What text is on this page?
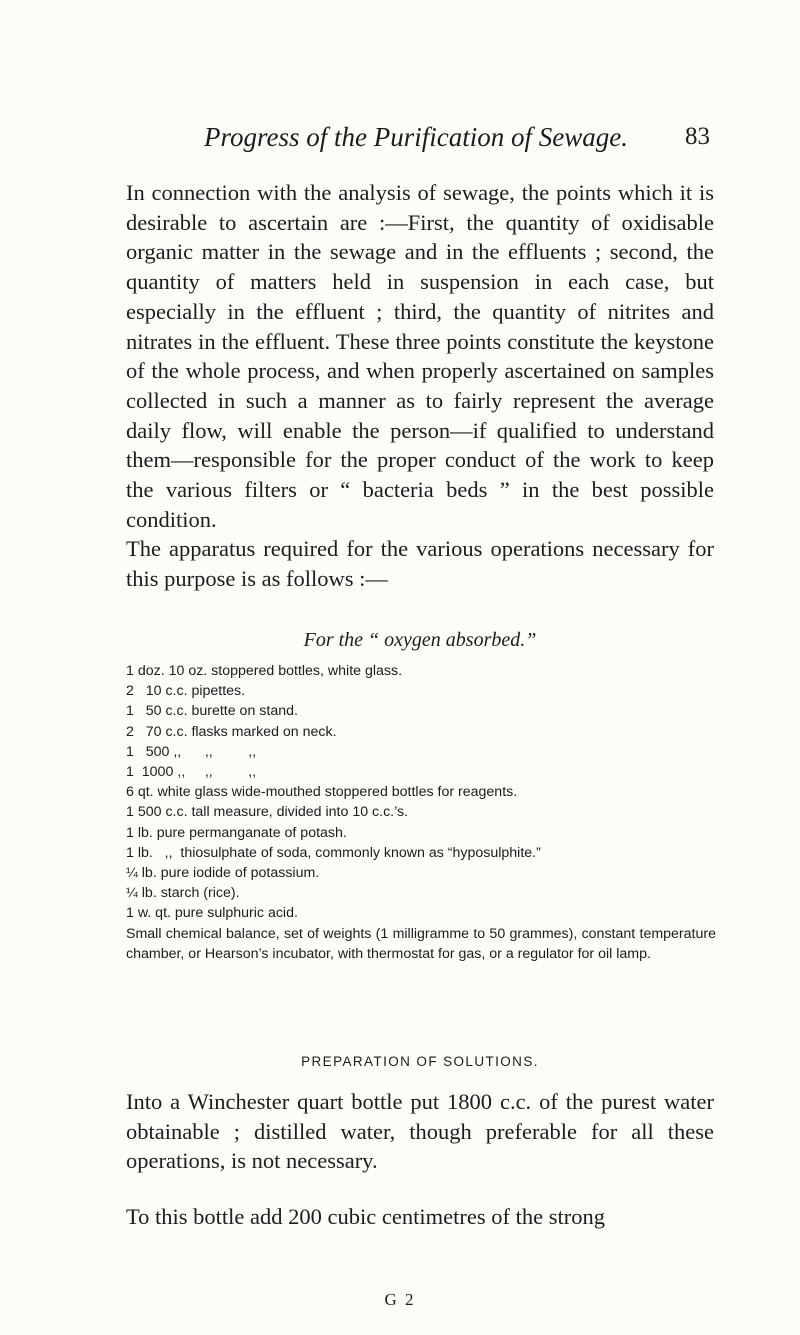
Progress of the Purification of Sewage. 83

In connection with the analysis of sewage, the points which it is desirable to ascertain are :—First, the quantity of oxidisable organic matter in the sewage and in the effluents ; second, the quantity of matters held in suspension in each case, but especially in the effluent ; third, the quantity of nitrites and nitrates in the effluent. These three points constitute the keystone of the whole process, and when properly ascertained on samples collected in such a manner as to fairly represent the average daily flow, will enable the person—if qualified to understand them—responsible for the proper conduct of the work to keep the various filters or “ bacteria beds ” in the best possible condition.

The apparatus required for the various operations necessary for this purpose is as follows :—

For the “ oxygen absorbed.”
1 doz. 10 oz. stoppered bottles, white glass.
2   10 c.c. pipettes.
1   50 c.c. burette on stand.
2   70 c.c. flasks marked on neck.
1   500 ,,      ,,         ,,
1  1000 ,,     ,,         ,,
6 qt. white glass wide-mouthed stoppered bottles for reagents.
1 500 c.c. tall measure, divided into 10 c.c.’s.
1 lb. pure permanganate of potash.
1 lb.   ,,  thiosulphate of soda, commonly known as “hyposulphite.”
¼ lb. pure iodide of potassium.
¼ lb. starch (rice).
1 w. qt. pure sulphuric acid.
Small chemical balance, set of weights (1 milligramme to 50 grammes), constant temperature chamber, or Hearson’s incubator, with thermostat for gas, or a regulator for oil lamp.
PREPARATION OF SOLUTIONS.

Into a Winchester quart bottle put 1800 c.c. of the purest water obtainable ; distilled water, though preferable for all these operations, is not necessary.

To this bottle add 200 cubic centimetres of the strong

G 2
